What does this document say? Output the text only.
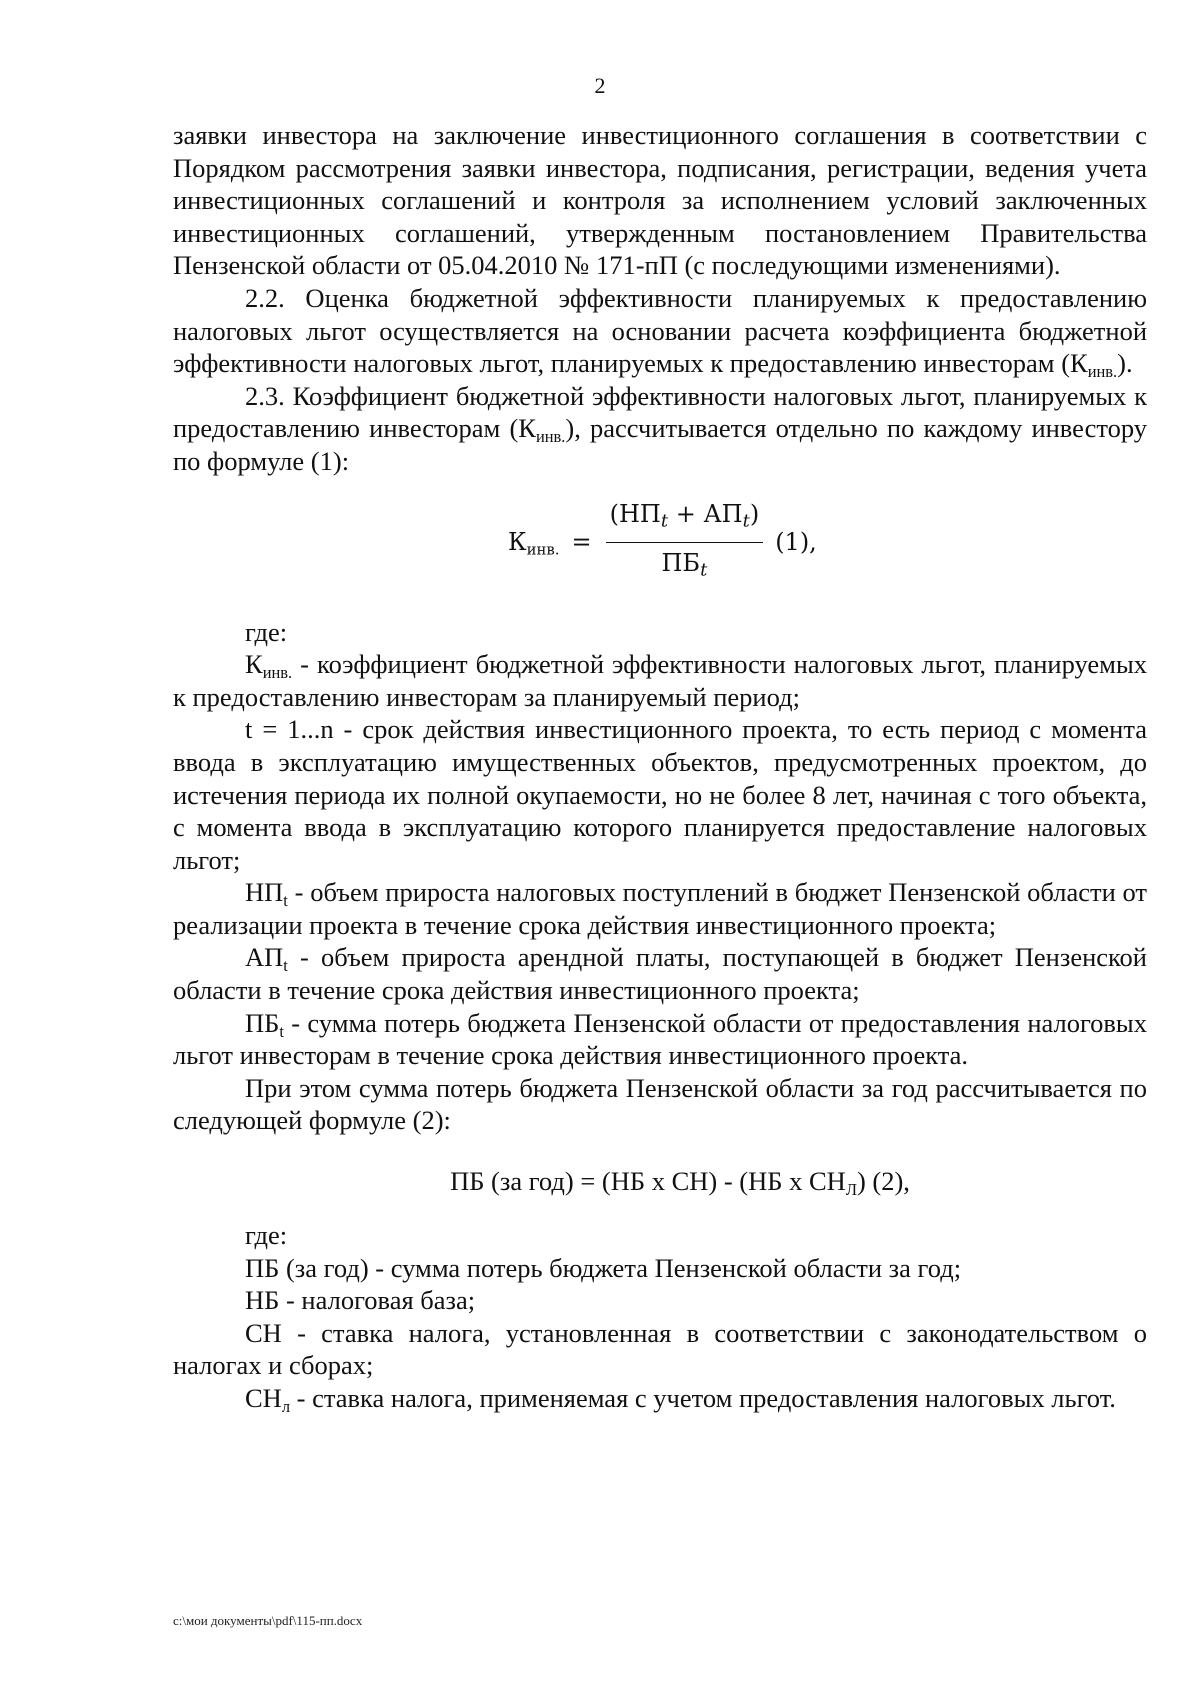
2

заявки инвестора на заключение инвестиционного соглашения в соответствии с Порядком рассмотрения заявки инвестора, подписания, регистрации, ведения учета инвестиционных соглашений и контроля за исполнением условий заключенных инвестиционных соглашений, утвержденным постановлением Правительства Пензенской области от 05.04.2010 № 171-пП (с последующими изменениями).

2.2. Оценка бюджетной эффективности планируемых к предоставлению налоговых льгот осуществляется на основании расчета коэффициента бюджетной эффективности налоговых льгот, планируемых к предоставлению инвесторам $(К_{инв.})$.

2.3. Коэффициент бюджетной эффективности налоговых льгот, планируемых к предоставлению инвесторам $(К_{инв.})$, рассчитывается отдельно по каждому инвестору по формуле (1):

$К_{инв.} = \frac{\text{(НПt + АПt)}}{\text{ПБt}} (1)$,

где:

$К_{инв.}$ - коэффициент бюджетной эффективности налоговых льгот, планируемых к предоставлению инвесторам за планируемый период;

t = 1...n - срок действия инвестиционного проекта, то есть период с момента ввода в эксплуатацию имущественных объектов, предусмотренных проектом, до истечения периода их полной окупаемости, но не более 8 лет, начиная с того объекта, с момента ввода в эксплуатацию которого планируется предоставление налоговых льгот;

$НП_t$ - объем прироста налоговых поступлений в бюджет Пензенской области от реализации проекта в течение срока действия инвестиционного проекта;

$АП_t$ - объем прироста арендной платы, поступающей в бюджет Пензенской области в течение срока действия инвестиционного проекта;

$ПБ_t$ - сумма потерь бюджета Пензенской области от предоставления налоговых льгот инвесторам в течение срока действия инвестиционного проекта.

При этом сумма потерь бюджета Пензенской области за год рассчитывается по следующей формуле (2):

ПБ (за год) = (НБ х СН) - (НБ х $СН_Л$) (2),

где:

ПБ (за год) - сумма потерь бюджета Пензенской области за год;

НБ - налоговая база;

СН - ставка налога, установленная в соответствии с законодательством о налогах и сборах;

$СН_л$ - ставка налога, применяемая с учетом предоставления налоговых льгот.

c:\мои документы\pdf\115-пп.docx
